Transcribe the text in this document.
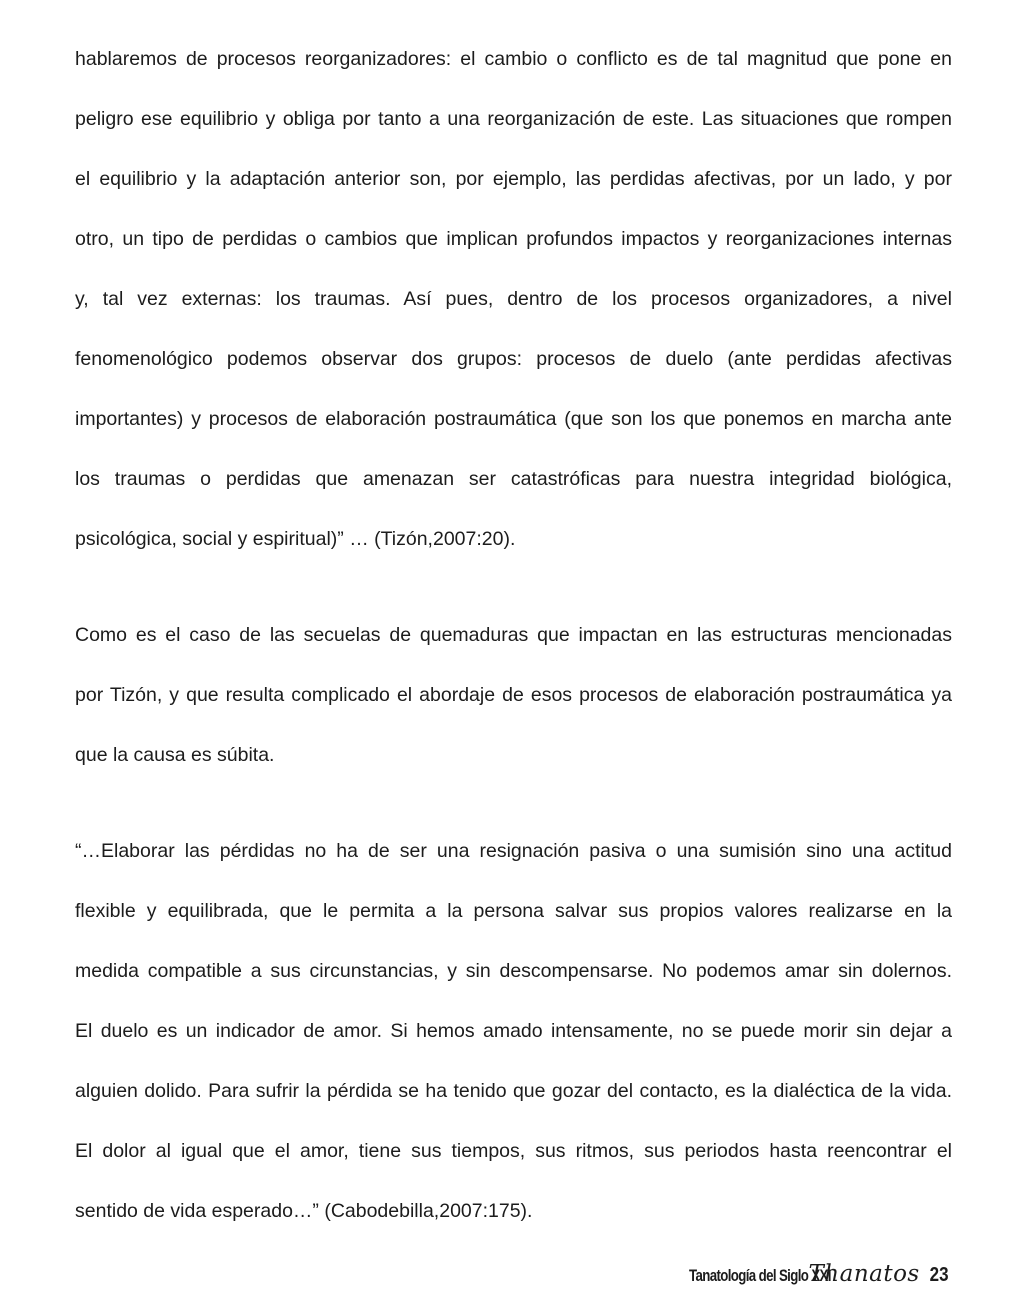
hablaremos de procesos reorganizadores: el cambio o conflicto es de tal magnitud que pone en
peligro ese equilibrio y obliga por tanto a una reorganización de este. Las situaciones que rompen
el equilibrio y la adaptación anterior son, por ejemplo, las perdidas afectivas, por un lado, y por
otro, un tipo de perdidas o cambios que implican profundos impactos y reorganizaciones internas
y, tal vez externas: los traumas. Así pues, dentro de los procesos organizadores, a nivel
fenomenológico podemos observar dos grupos: procesos de duelo (ante perdidas afectivas
importantes) y procesos de elaboración postraumática (que son los que ponemos en marcha ante
los traumas o perdidas que amenazan ser catastróficas para nuestra integridad biológica,
psicológica, social y espiritual)” … (Tizón,2007:20).
Como es el caso de las secuelas de quemaduras que impactan en las estructuras mencionadas
por Tizón, y que resulta complicado el abordaje de esos procesos de elaboración postraumática ya
que la causa es súbita.
“…Elaborar las pérdidas no ha de ser una resignación pasiva o una sumisión sino una actitud
flexible y equilibrada, que le permita a la persona salvar sus propios valores realizarse en la
medida compatible a sus circunstancias, y sin descompensarse. No podemos amar sin dolernos.
El duelo es un indicador de amor. Si hemos amado intensamente, no se puede morir sin dejar a
alguien dolido. Para sufrir la pérdida se ha tenido que gozar del contacto, es la dialéctica de la vida.
El dolor al igual que el amor, tiene sus tiempos, sus ritmos, sus periodos hasta reencontrar el
sentido de vida esperado…” (Cabodebilla,2007:175).
Tanatología del Siglo XXI
Thanatos 23
